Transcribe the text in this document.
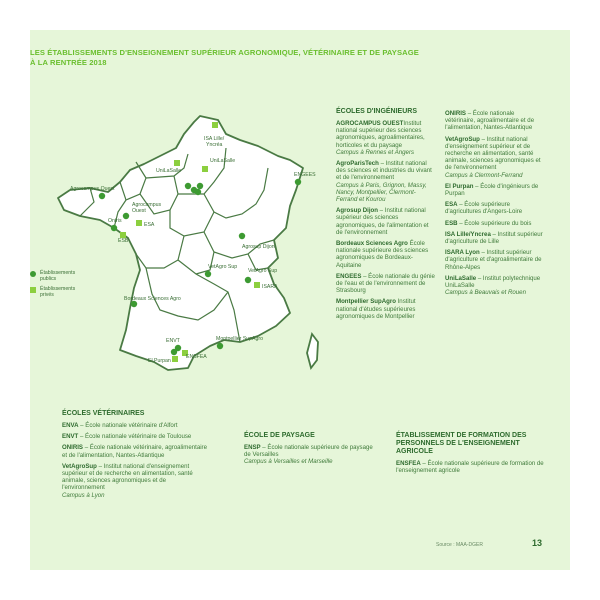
LES ÉTABLISSEMENTS D'ENSEIGNEMENT SUPÉRIEUR AGRONOMIQUE, VÉTÉRINAIRE ET DE PAYSAGE
À LA RENTRÉE 2018
ISA Lille/
Yncréa
UniLaSalle
UniLaSalle
ENGEES
Agrocampus Ouest
Agrocampus
Ouest
Oniris
ESA
ESB
Agrosup Dijon
VetAgro Sup
VetAgro Sup
ISARA
Bordeaux Sciences Agro
ENVT	Montpellier SupAgro
El Purpan
ENSFEA
Établissements
publics
Établissements
privés
ÉCOLES D'INGÉNIEURS
AGROCAMPUS OUESTInstitut national supérieur des sciences agronomiques, agroalimentaires, horticoles et du paysage
Campus à Rennes et Angers
AgroParisTech – Institut national des sciences et industries du vivant et de l'environnement
Campus à Paris, Grignon, Massy, Nancy, Montpellier, Clermont-Ferrand et Kourou
Agrosup Dijon – Institut national supérieur des sciences agronomiques, de l'alimentation et de l'environnement
Bordeaux Sciences Agro École nationale supérieure des sciences agronomiques de Bordeaux-Aquitaine
ENGEES – École nationale du génie de l'eau et de l'environnement de Strasbourg
Montpellier SupAgro Institut national d'études supérieures agronomiques de Montpellier
ONIRIS – École nationale vétérinaire, agroalimentaire et de l'alimentation, Nantes-Atlantique
VetAgroSup – Institut national d'enseignement supérieur et de recherche en alimentation, santé animale, sciences agronomiques et de l'environnement
Campus à Clermont-Ferrand
El Purpan – École d'ingénieurs de Purpan
ESA – École supérieure d'agricultures d'Angers-Loire
ESB – École supérieure du bois
ISA Lille/Yncrea – Institut supérieur d'agriculture de Lille
ISARA Lyon – Institut supérieur d'agriculture et d'agroalimentaire de Rhône-Alpes
UniLaSalle – Institut polytechnique UniLaSalle
Campus à Beauvais et Rouen
ÉCOLES VÉTÉRINAIRES
ENVA – École nationale vétérinaire d'Alfort
ENVT – École nationale vétérinaire de Toulouse
ONIRIS – École nationale vétérinaire, agroalimentaire et de l'alimentation, Nantes-Atlantique
VetAgroSup – Institut national d'enseignement supérieur et de recherche en alimentation, santé animale, sciences agronomiques et de l'environnement
Campus à Lyon
ÉCOLE DE PAYSAGE
ENSP – École nationale supérieure de paysage de Versailles
Campus à Versailles et Marseille
ÉTABLISSEMENT DE FORMATION DES PERSONNELS DE L'ENSEIGNEMENT AGRICOLE
ENSFEA – École nationale supérieure de formation de l'enseignement agricole
Source : MAA-DGER	13
